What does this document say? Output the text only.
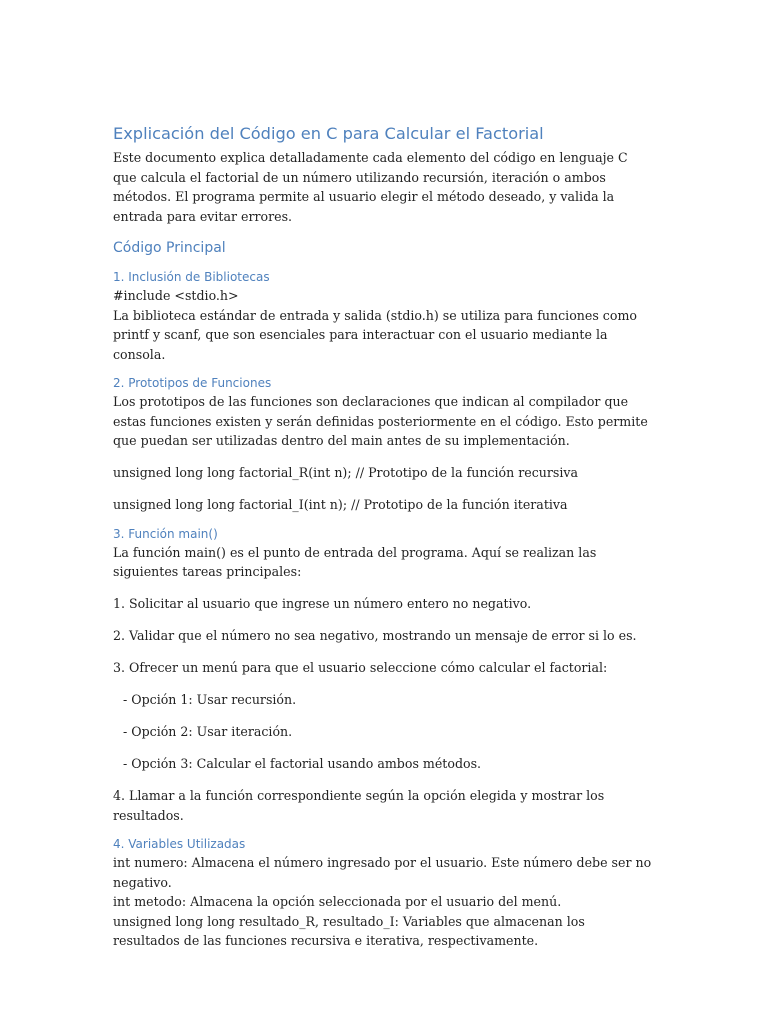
Explicación del Código en C para Calcular el Factorial

Este documento explica detalladamente cada elemento del código en lenguaje C que calcula el factorial de un número utilizando recursión, iteración o ambos métodos. El programa permite al usuario elegir el método deseado, y valida la entrada para evitar errores.

Código Principal
1. Inclusión de Bibliotecas

#include <stdio.h>

La biblioteca estándar de entrada y salida (stdio.h) se utiliza para funciones como printf y scanf, que son esenciales para interactuar con el usuario mediante la consola.

2. Prototipos de Funciones

Los prototipos de las funciones son declaraciones que indican al compilador que estas funciones existen y serán definidas posteriormente en el código. Esto permite que puedan ser utilizadas dentro del main antes de su implementación.

unsigned long long factorial_R(int n); // Prototipo de la función recursiva

unsigned long long factorial_I(int n); // Prototipo de la función iterativa

3. Función main()

La función main() es el punto de entrada del programa. Aquí se realizan las siguientes tareas principales:

1. Solicitar al usuario que ingrese un número entero no negativo.

2. Validar que el número no sea negativo, mostrando un mensaje de error si lo es.

3. Ofrecer un menú para que el usuario seleccione cómo calcular el factorial:

- Opción 1: Usar recursión.

- Opción 2: Usar iteración.

- Opción 3: Calcular el factorial usando ambos métodos.

4. Llamar a la función correspondiente según la opción elegida y mostrar los resultados.

4. Variables Utilizadas

int numero: Almacena el número ingresado por el usuario. Este número debe ser no negativo.

int metodo: Almacena la opción seleccionada por el usuario del menú.

unsigned long long resultado_R, resultado_I: Variables que almacenan los resultados de las funciones recursiva e iterativa, respectivamente.
